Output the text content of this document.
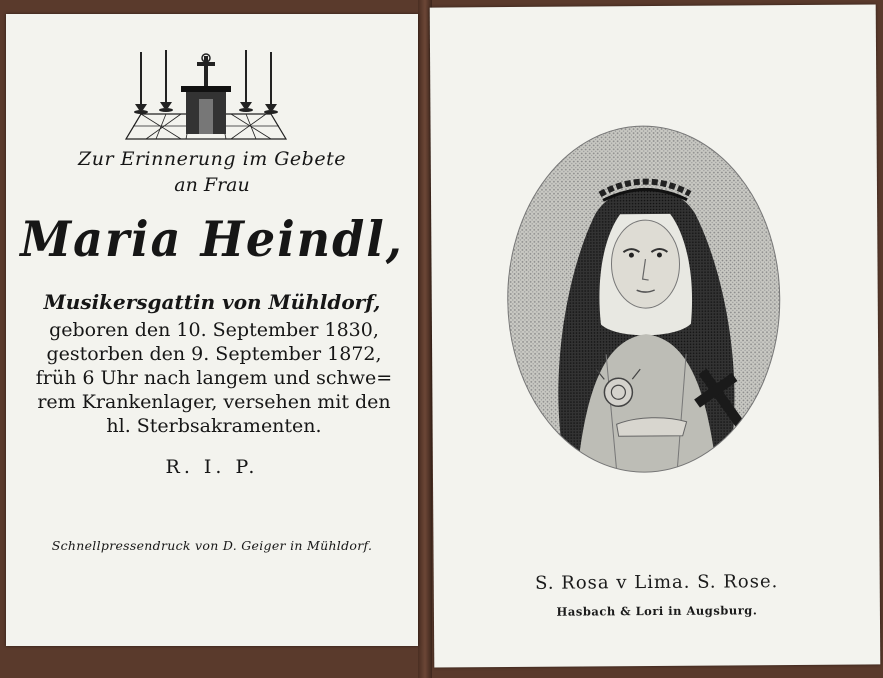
Zur Erinnerung im Gebete
an Frau
Maria Heindl,
Musikersgattin von Mühldorf,
geboren den 10. September 1830,
gestorben den 9. September 1872,
früh 6 Uhr nach langem und schwe=
rem Krankenlager, versehen mit den
hl. Sterbsakramenten.
R. I. P.
Schnellpressendruck von D. Geiger in Mühldorf.
S. Rosa v Lima. S. Rose.
Hasbach & Lori in Augsburg.
